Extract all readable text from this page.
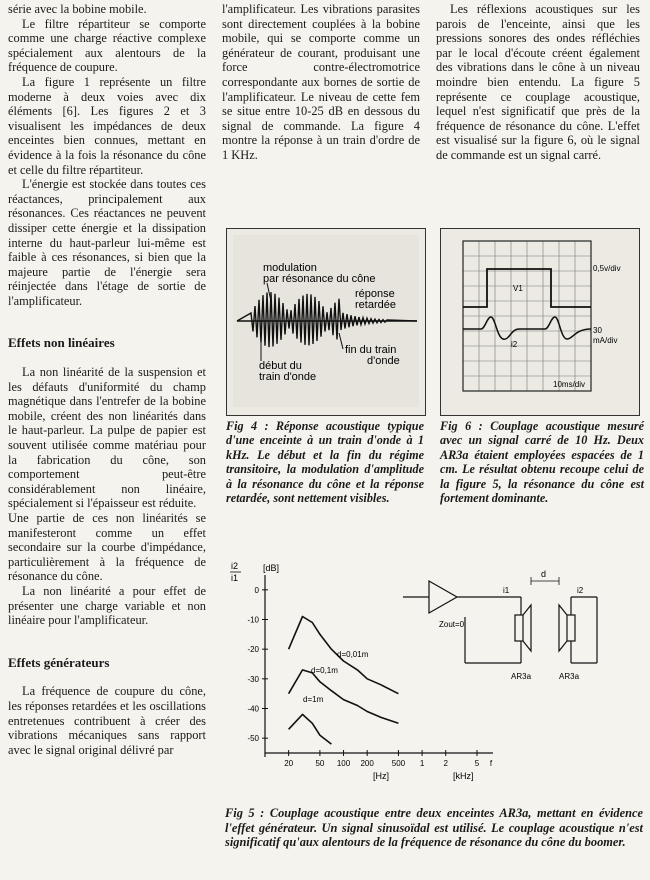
série avec la bobine mobile.

Le filtre répartiteur se comporte comme une charge réactive complexe spécialement aux alentours de la fréquence de coupure.

La figure 1 représente un filtre moderne à deux voies avec dix éléments [6]. Les figures 2 et 3 visualisent les impédances de deux enceintes bien connues, mettant en évidence à la fois la résonance du cône et celle du filtre répartiteur.

L'énergie est stockée dans toutes ces réactances, principalement aux résonances. Ces réactances ne peuvent dissiper cette énergie et la dissipation interne du haut-parleur lui-même est faible à ces résonances, si bien que la majeure partie de l'énergie sera réinjectée dans l'étage de sortie de l'amplificateur.

Effets non linéaires

La non linéarité de la suspension et les défauts d'uniformité du champ magnétique dans l'entrefer de la bobine mobile, créent des non linéarités dans le haut-parleur. La pulpe de papier est souvent utilisée comme matériau pour la fabrication du cône, son comportement peut-être considérablement non linéaire, spécialement si l'épaisseur est réduite.

Une partie de ces non linéarités se manifesteront comme un effet secondaire sur la courbe d'impédance, particulièrement à la fréquence de résonance du cône.

La non linéarité a pour effet de présenter une charge variable et non linéaire pour l'amplificateur.

Effets générateurs

La fréquence de coupure du cône, les réponses retardées et les oscillations entretenues contribuent à créer des vibrations mécaniques sans rapport avec le signal original délivré par

l'amplificateur. Les vibrations parasites sont directement couplées à la bobine mobile, qui se comporte comme un générateur de courant, produisant une force contre-électromotrice correspondante aux bornes de sortie de l'amplificateur. Le niveau de cette fem se situe entre 10-25 dB en dessous du signal de commande. La figure 4 montre la réponse à un train d'ordre de 1 KHz.

Les réflexions acoustiques sur les parois de l'enceinte, ainsi que les pressions sonores des ondes réfléchies par le local d'écoute créent également des vibrations dans le cône à un niveau moindre bien entendu. La figure 5 représente ce couplage acoustique, lequel n'est significatif que près de la fréquence de résonance du cône. L'effet est visualisé sur la figure 6, où le signal de commande est un signal carré.

modulation
par résonance du cône
réponse
retardée
début du
train d'onde
fin du train
d'onde
Fig 4 : Réponse acoustique typique d'une enceinte à un train d'onde à 1 kHz. Le début et la fin du régime transitoire, la modulation d'amplitude à la résonance du cône et la réponse retardée, sont nettement visibles.
V1
0,5v/div
i2
30
mA/div
10ms/div
Fig 6 : Couplage acoustique mesuré avec un signal carré de 10 Hz. Deux AR3a étaient employées espacées de 1 cm. Le résultat obtenu recoupe celui de la figure 5, la résonance du cône est fortement dominante.
0
-10
-20
-30
-40
-50
20	50 100 200 500 1 2	5 f
i2
i1
[dB]
[Hz]	[kHz]
d=0,01m
d=0,1m
d=1m
d
i1	i2
Zout=0
AR3a	AR3a
Fig 5 : Couplage acoustique entre deux enceintes AR3a, mettant en évidence l'effet générateur. Un signal sinusoïdal est utilisé. Le couplage acoustique n'est significatif qu'aux alentours de la fréquence de résonance du cône du boomer.
